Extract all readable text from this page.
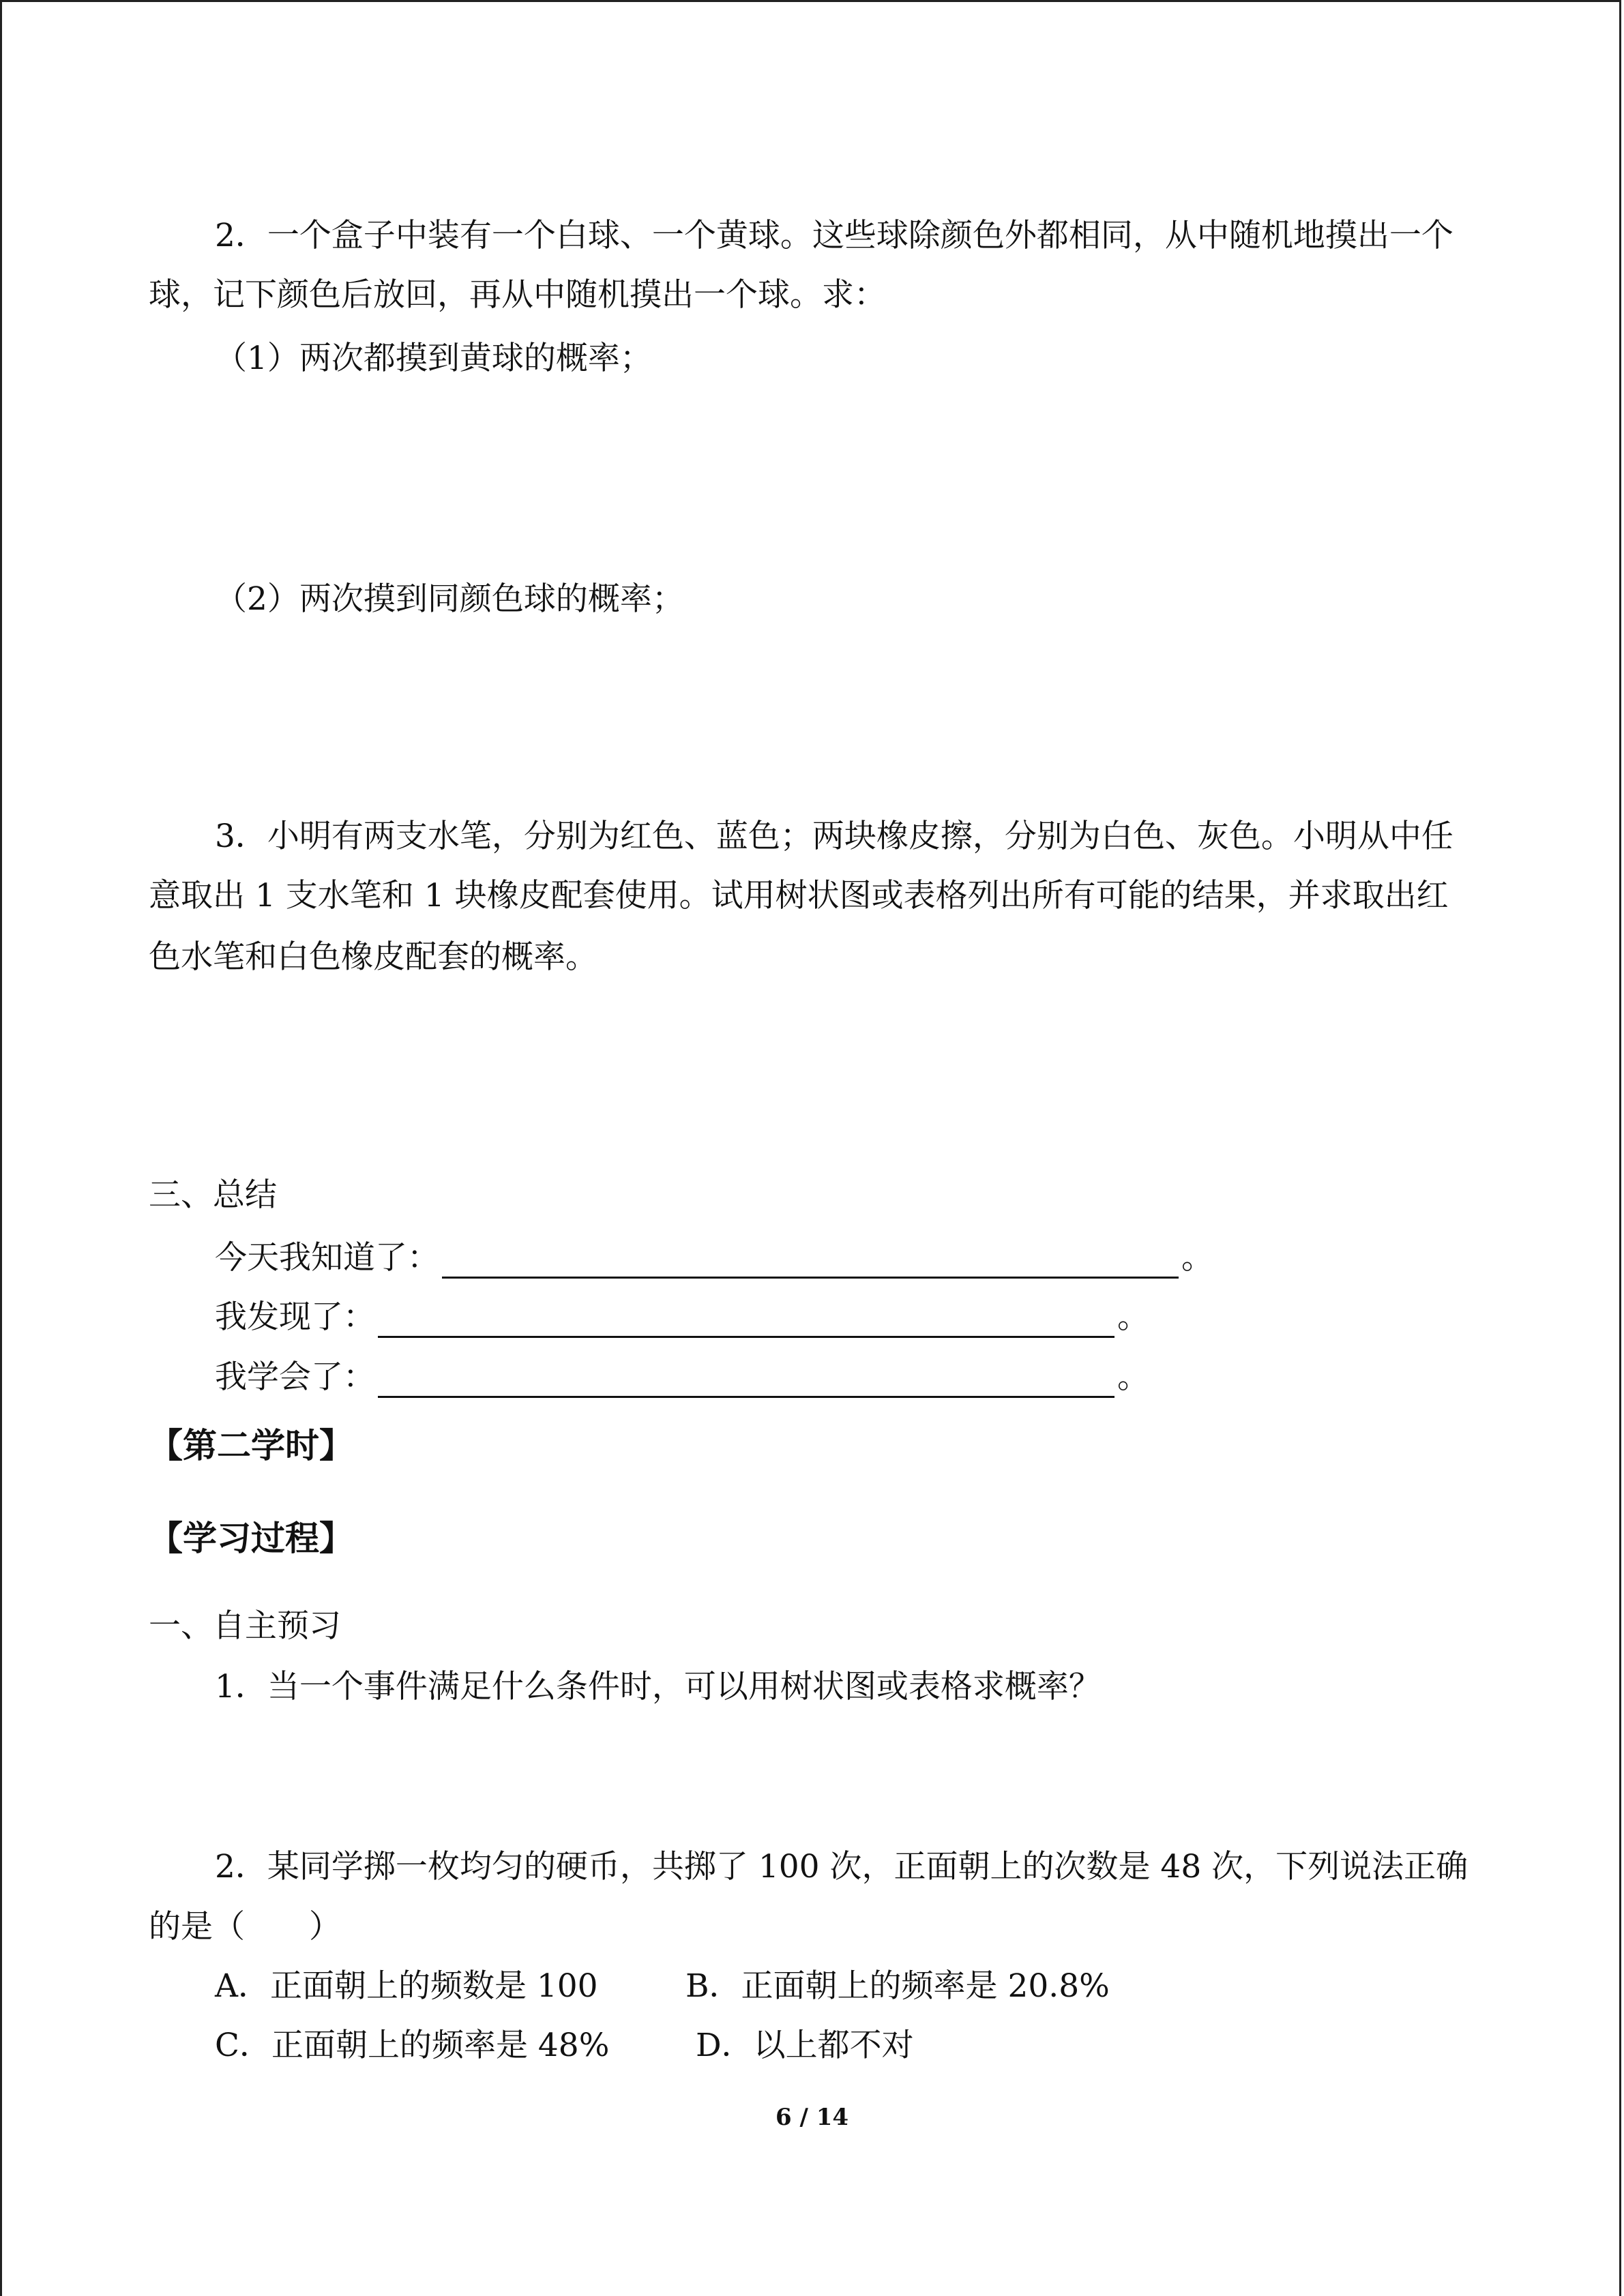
2．一个盒子中装有一个白球、一个黄球。这些球除颜色外都相同，从中随机地摸出一个
球，记下颜色后放回，再从中随机摸出一个球。求：
（1）两次都摸到黄球的概率；
（2）两次摸到同颜色球的概率；
3．小明有两支水笔，分别为红色、蓝色；两块橡皮擦，分别为白色、灰色。小明从中任
意取出 1 支水笔和 1 块橡皮配套使用。试用树状图或表格列出所有可能的结果，并求取出红
色水笔和白色橡皮配套的概率。
三、总结
今天我知道了：	。
我发现了：	。
我学会了：	。
【第二学时】
【学习过程】
一、自主预习
1．当一个事件满足什么条件时，可以用树状图或表格求概率？
2．某同学掷一枚均匀的硬币，共掷了 100 次，正面朝上的次数是 48 次，下列说法正确
的是（　　）
A．正面朝上的频数是 100	B．正面朝上的频率是 20.8%
C．正面朝上的频率是 48%	D．以上都不对
6 / 14
